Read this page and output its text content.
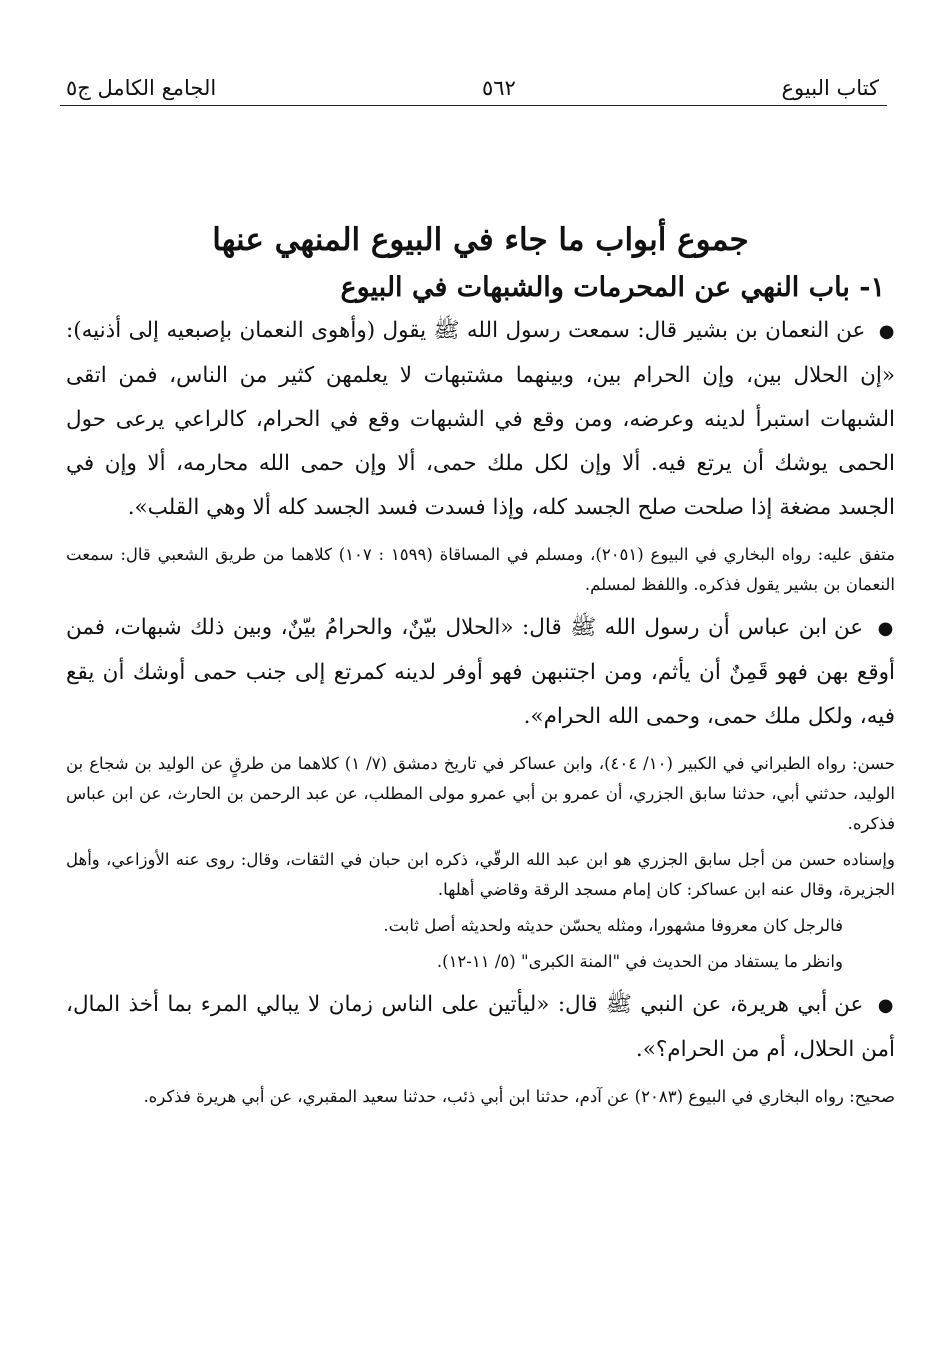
كتاب البيوع
٥٦٢
الجامع الكامل ج٥
جموع أبواب ما جاء في البيوع المنهي عنها
١- باب النهي عن المحرمات والشبهات في البيوع

● عن النعمان بن بشير قال: سمعت رسول الله ﷺ يقول (وأهوى النعمان بإصبعيه إلى أذنيه): «إن الحلال بين، وإن الحرام بين، وبينهما مشتبهات لا يعلمهن كثير من الناس، فمن اتقى الشبهات استبرأ لدينه وعرضه، ومن وقع في الشبهات وقع في الحرام، كالراعي يرعى حول الحمى يوشك أن يرتع فيه. ألا وإن لكل ملك حمى، ألا وإن حمى الله محارمه، ألا وإن في الجسد مضغة إذا صلحت صلح الجسد كله، وإذا فسدت فسد الجسد كله ألا وهي القلب».

متفق عليه: رواه البخاري في البيوع (٢٠٥١)، ومسلم في المساقاة (١٥٩٩ : ١٠٧) كلاهما من طريق الشعبي قال: سمعت النعمان بن بشير يقول فذكره. واللفظ لمسلم.

● عن ابن عباس أن رسول الله ﷺ قال: «الحلال بيّنٌ، والحرامُ بيّنٌ، وبين ذلك شبهات، فمن أوقع بهن فهو قَمِنٌ أن يأثم، ومن اجتنبهن فهو أوفر لدينه كمرتع إلى جنب حمى أوشك أن يقع فيه، ولكل ملك حمى، وحمى الله الحرام».

حسن: رواه الطبراني في الكبير (١٠/ ٤٠٤)، وابن عساكر في تاريخ دمشق (٧/ ١) كلاهما من طرقٍ عن الوليد بن شجاع بن الوليد، حدثني أبي، حدثنا سابق الجزري، أن عمرو بن أبي عمرو مولى المطلب، عن عبد الرحمن بن الحارث، عن ابن عباس فذكره.

وإسناده حسن من أجل سابق الجزري هو ابن عبد الله الرقّي، ذكره ابن حبان في الثقات، وقال: روى عنه الأوزاعي، وأهل الجزيرة، وقال عنه ابن عساكر: كان إمام مسجد الرقة وقاضي أهلها.

فالرجل كان معروفا مشهورا، ومثله يحسّن حديثه ولحديثه أصل ثابت.

وانظر ما يستفاد من الحديث في "المنة الكبرى" (٥/ ١١-١٢).

● عن أبي هريرة، عن النبي ﷺ قال: «ليأتين على الناس زمان لا يبالي المرء بما أخذ المال، أمن الحلال، أم من الحرام؟».

صحيح: رواه البخاري في البيوع (٢٠٨٣) عن آدم، حدثنا ابن أبي ذئب، حدثنا سعيد المقبري، عن أبي هريرة فذكره.
